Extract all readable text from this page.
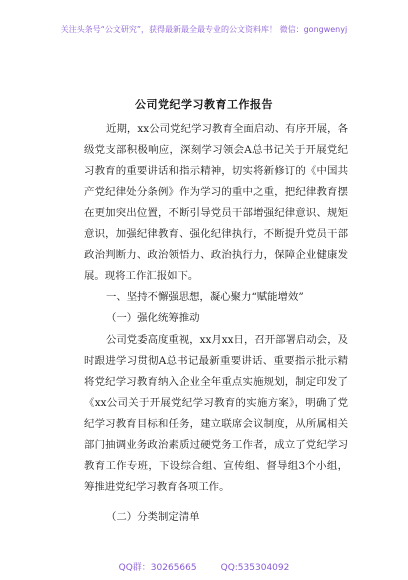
关注头条号“公文研究”，获得最新最全最专业的公文资料库！ 微信：gongwenyj
公司党纪学习教育工作报告
近期，xx公司党纪学习教育全面启动、有序开展，各
级党支部积极响应，深刻学习领会A总书记关于开展党纪
习教育的重要讲话和指示精神，切实将新修订的《中国共
产党纪律处分条例》作为学习的重中之重，把纪律教育摆
在更加突出位置，不断引导党员干部增强纪律意识、规矩
意识，加强纪律教育、强化纪律执行，不断提升党员干部
政治判断力、政治领悟力、政治执行力，保障企业健康发
展。现将工作汇报如下。
一、坚持不懈强思想，凝心聚力“赋能增效”
（一）强化统筹推动
公司党委高度重视，xx月xx日，召开部署启动会，及
时跟进学习贯彻A总书记最新重要讲话、重要指示批示精
将党纪学习教育纳入企业全年重点实施规划，制定印发了
《xx公司关于开展党纪学习教育的实施方案》，明确了党
纪学习教育目标和任务，建立联席会议制度，从所属相关
部门抽调业务政治素质过硬党务工作者，成立了党纪学习
教育工作专班，下设综合组、宣传组、督导组3个小组，
筹推进党纪学习教育各项工作。
（二）分类制定清单
QQ群：30265665	QQ:535304092
